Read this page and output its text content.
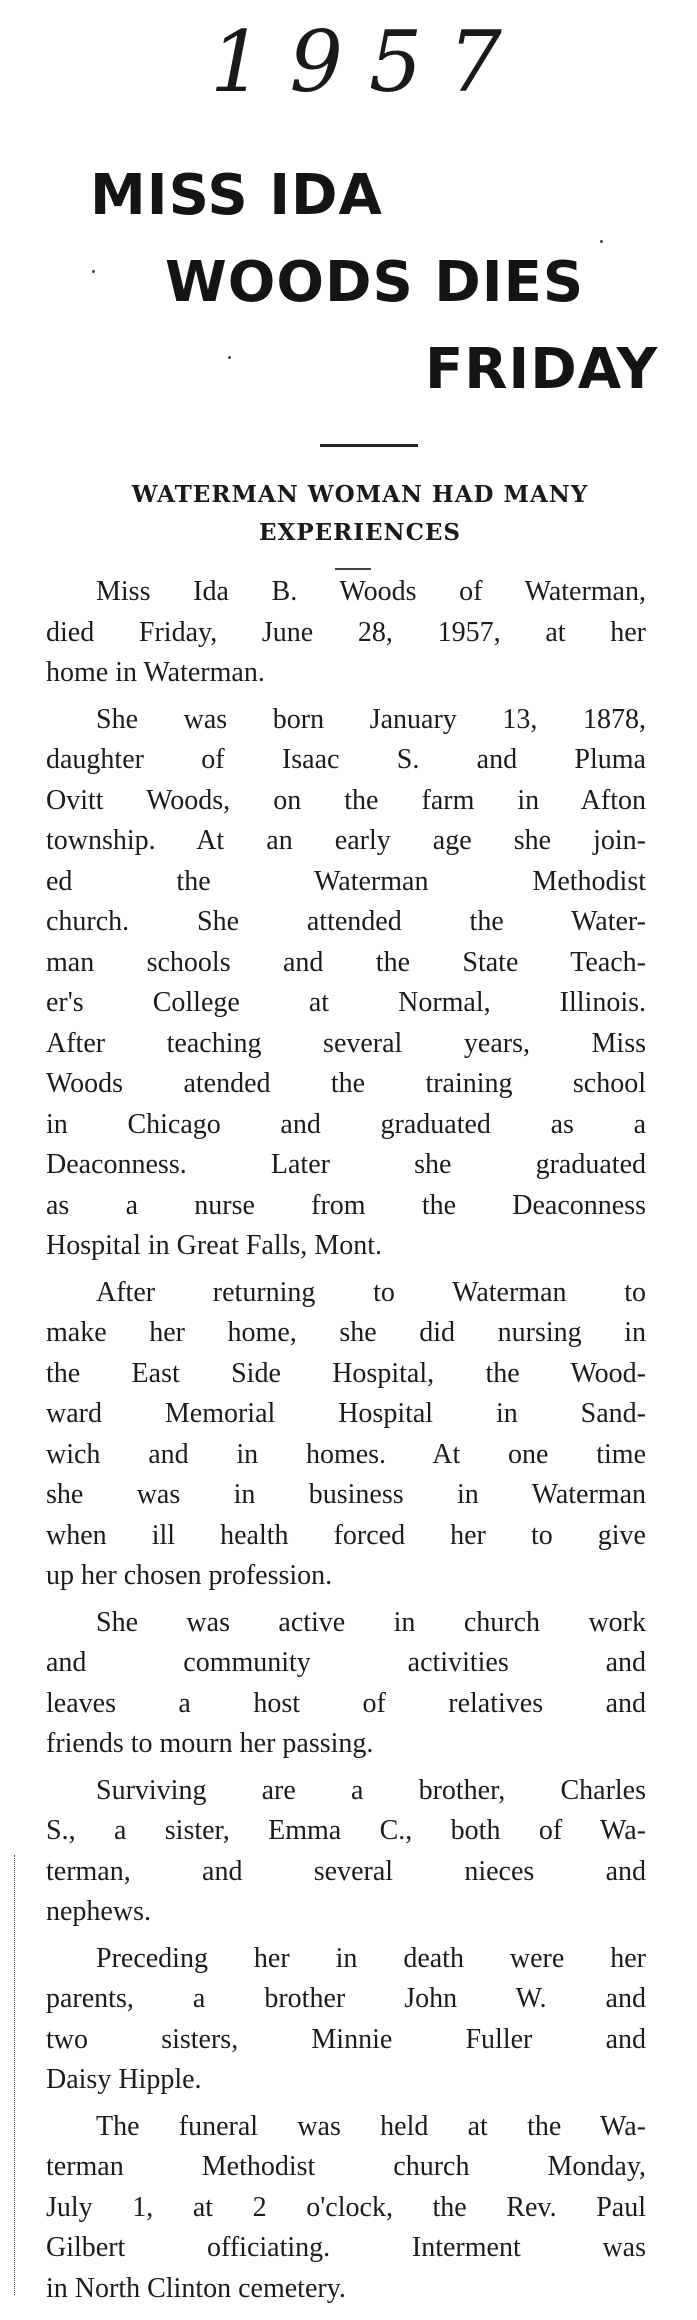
1957
MISS IDA
WOODS DIES
FRIDAY
WATERMAN WOMAN HAD MANY
EXPERIENCES
Miss Ida B. Woods of Waterman,
died Friday, June 28, 1957, at her
home in Waterman.
She was born January 13, 1878,
daughter of Isaac S. and Pluma
Ovitt Woods, on the farm in Afton
township. At an early age she join-
ed the Waterman Methodist
church. She attended the Water-
man schools and the State Teach-
er's College at Normal, Illinois.
After teaching several years, Miss
Woods atended the training school
in Chicago and graduated as a
Deaconness. Later she graduated
as a nurse from the Deaconness
Hospital in Great Falls, Mont.
After returning to Waterman to
make her home, she did nursing in
the East Side Hospital, the Wood-
ward Memorial Hospital in Sand-
wich and in homes. At one time
she was in business in Waterman
when ill health forced her to give
up her chosen profession.
She was active in church work
and community activities and
leaves a host of relatives and
friends to mourn her passing.
Surviving are a brother, Charles
S., a sister, Emma C., both of Wa-
terman, and several nieces and
nephews.
Preceding her in death were her
parents, a brother John W. and
two sisters, Minnie Fuller and
Daisy Hipple.
The funeral was held at the Wa-
terman Methodist church Monday,
July 1, at 2 o'clock, the Rev. Paul
Gilbert officiating. Interment was
in North Clinton cemetery.
